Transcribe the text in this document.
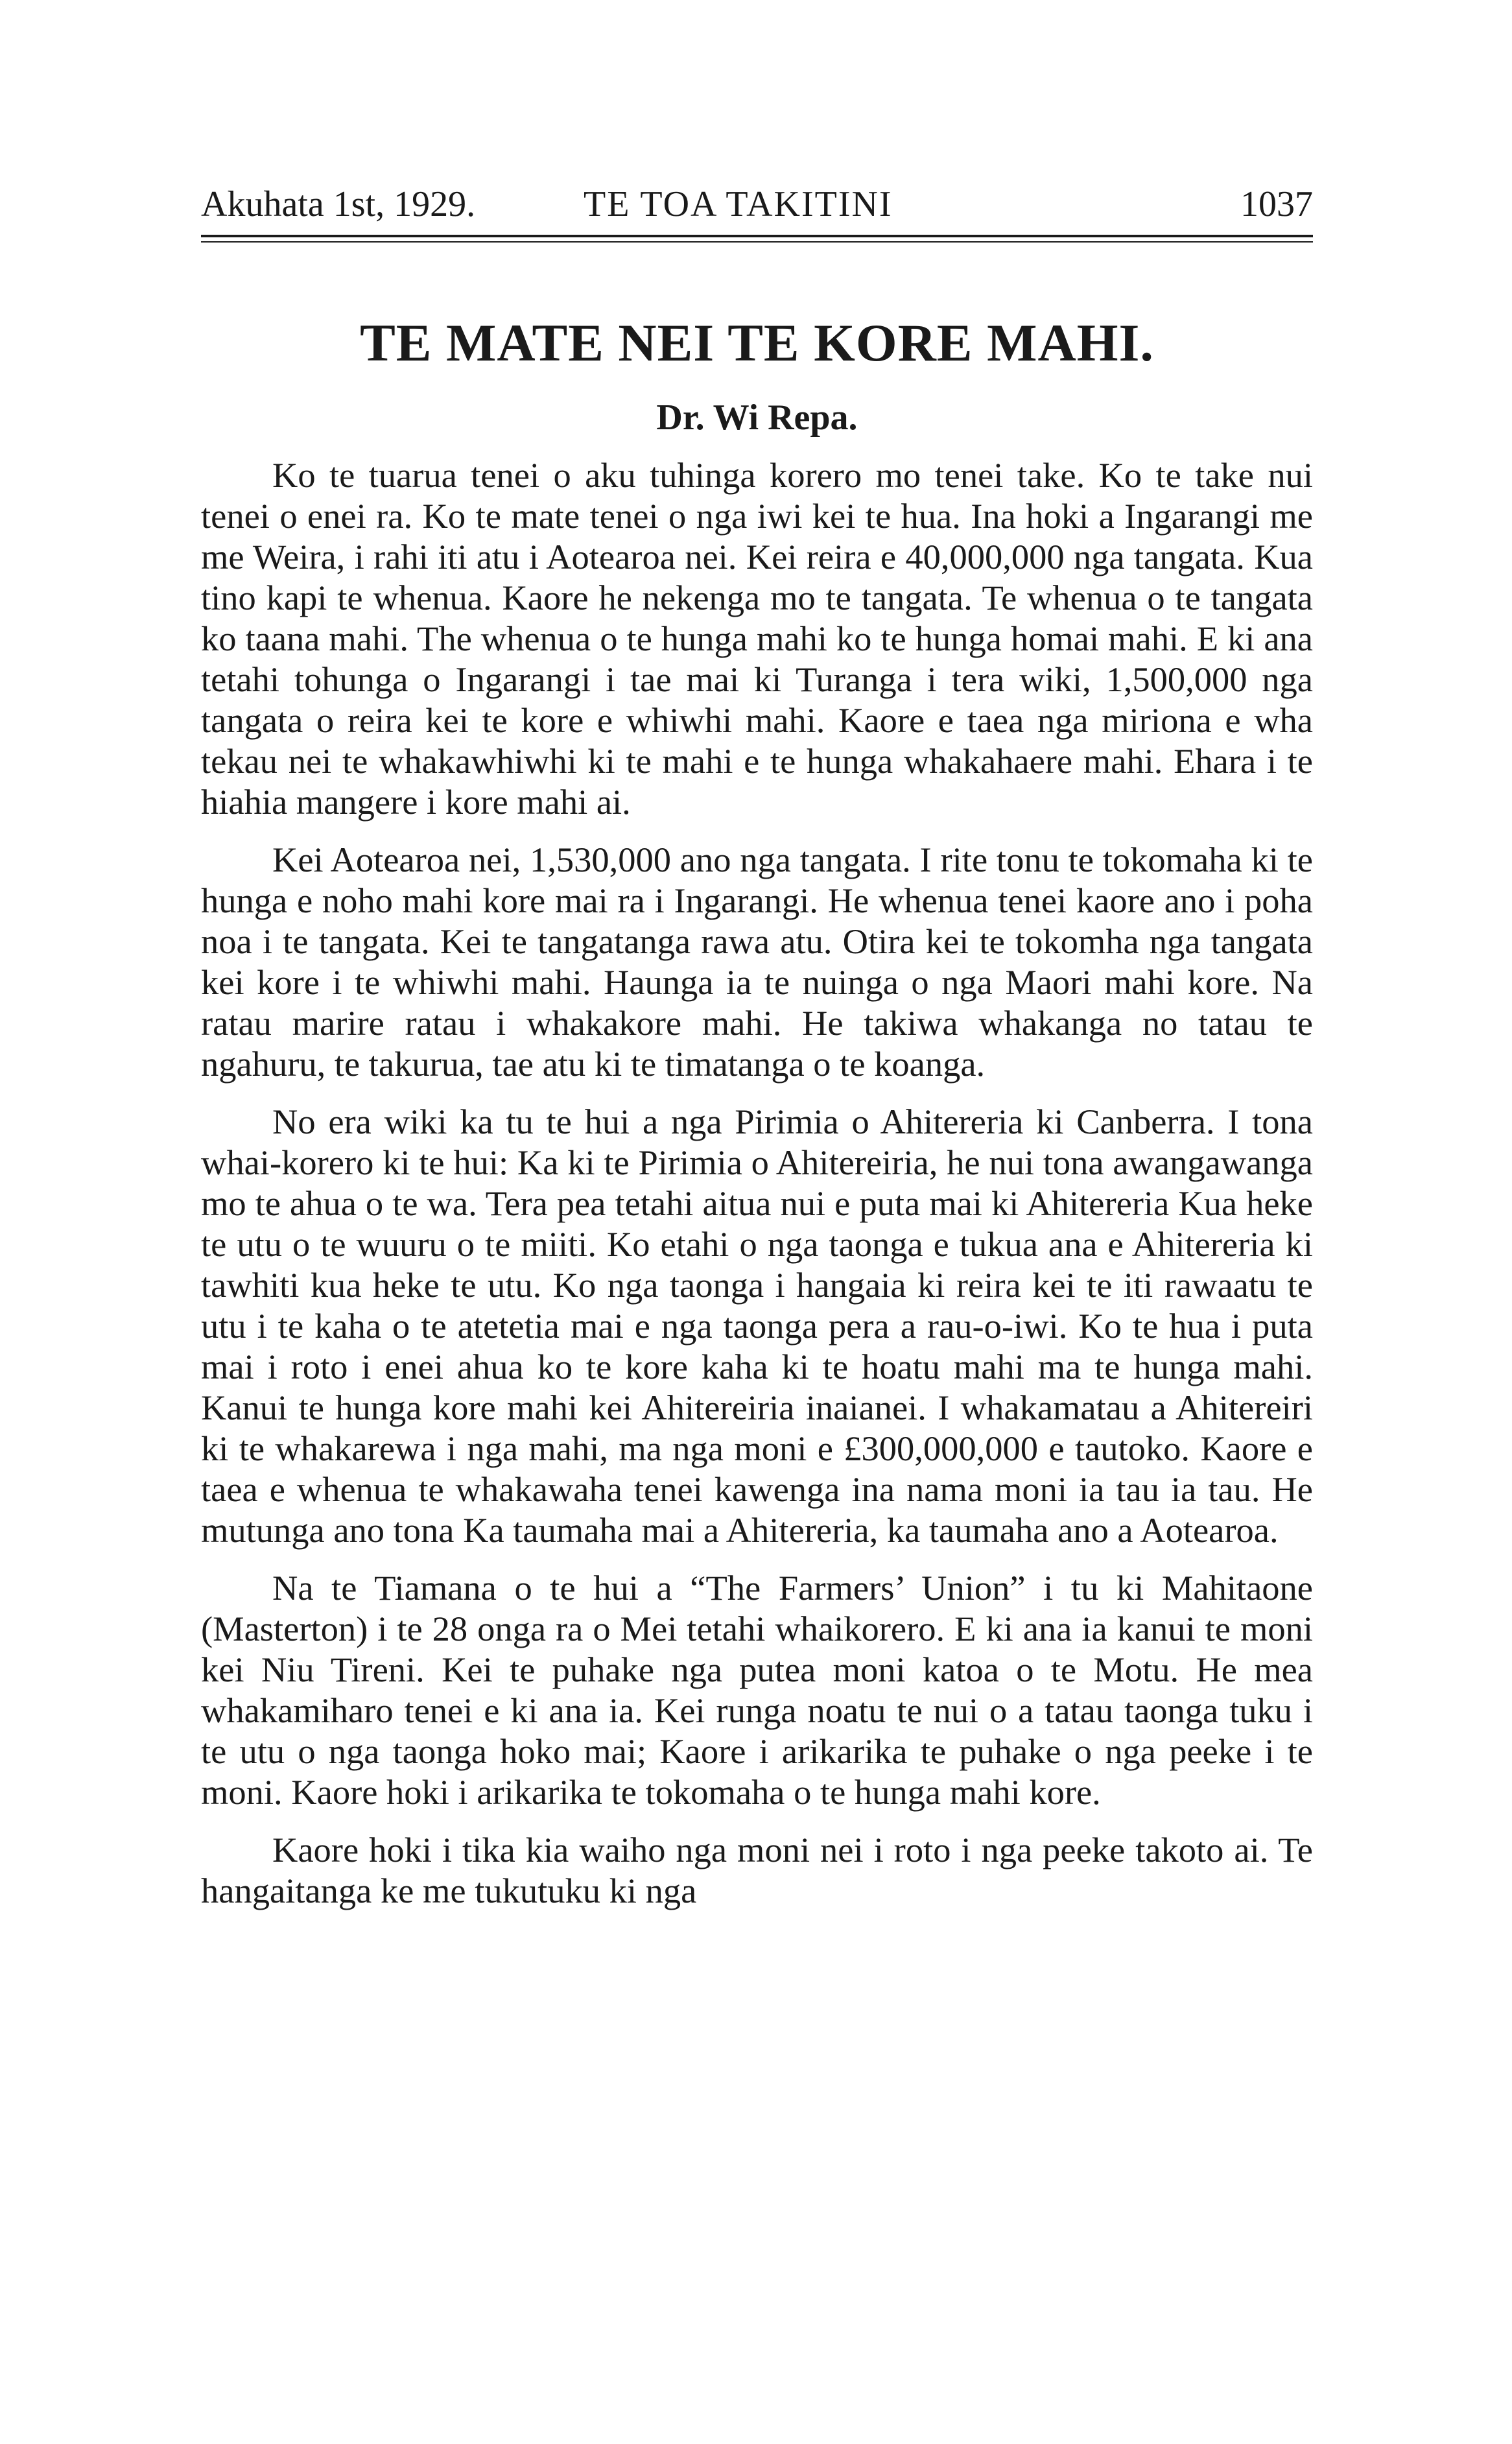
Akuhata 1st, 1929.	TE TOA TAKITINI	1037
TE MATE NEI TE KORE MAHI.
Dr. Wi Repa.

Ko te tuarua tenei o aku tuhinga korero mo tenei take. Ko te take nui tenei o enei ra. Ko te mate tenei o nga iwi kei te hua. Ina hoki a Ingarangi me me Weira, i rahi iti atu i Aotearoa nei. Kei reira e 40,000,000 nga tangata. Kua tino kapi te whenua. Kaore he nekenga mo te tangata. Te whenua o te tangata ko taana mahi. The whenua o te hunga mahi ko te hunga homai mahi. E ki ana tetahi tohunga o Ingarangi i tae mai ki Turanga i tera wiki, 1,500,000 nga tangata o reira kei te kore e whiwhi mahi. Kaore e taea nga miriona e wha tekau nei te whakawhiwhi ki te mahi e te hunga whakahaere mahi. Ehara i te hiahia mangere i kore mahi ai.

Kei Aotearoa nei, 1,530,000 ano nga tangata. I rite tonu te tokomaha ki te hunga e noho mahi kore mai ra i Ingarangi. He whenua tenei kaore ano i poha noa i te tangata. Kei te tangatanga rawa atu. Otira kei te tokomha nga tangata kei kore i te whiwhi mahi. Haunga ia te nuinga o nga Maori mahi kore. Na ratau marire ratau i whakakore mahi. He takiwa whakanga no tatau te ngahuru, te takurua, tae atu ki te timatanga o te koanga.

No era wiki ka tu te hui a nga Pirimia o Ahitereria ki Canberra. I tona whai-korero ki te hui: Ka ki te Pirimia o Ahitereiria, he nui tona awangawanga mo te ahua o te wa. Tera pea tetahi aitua nui e puta mai ki Ahitereria Kua heke te utu o te wuuru o te miiti. Ko etahi o nga taonga e tukua ana e Ahitereria ki tawhiti kua heke te utu. Ko nga taonga i hangaia ki reira kei te iti rawaatu te utu i te kaha o te atetetia mai e nga taonga pera a rau-o-iwi. Ko te hua i puta mai i roto i enei ahua ko te kore kaha ki te hoatu mahi ma te hunga mahi. Kanui te hunga kore mahi kei Ahitereiria inaianei. I whakamatau a Ahitereiri ki te whakarewa i nga mahi, ma nga moni e £300,000,000 e tautoko. Kaore e taea e whenua te whakawaha tenei kawenga ina nama moni ia tau ia tau. He mutunga ano tona Ka taumaha mai a Ahitereria, ka taumaha ano a Aotearoa.

Na te Tiamana o te hui a “The Farmers’ Union” i tu ki Mahitaone (Masterton) i te 28 onga ra o Mei tetahi whaikorero. E ki ana ia kanui te moni kei Niu Tireni. Kei te puhake nga putea moni katoa o te Motu. He mea whakamiharo tenei e ki ana ia. Kei runga noatu te nui o a tatau taonga tuku i te utu o nga taonga hoko mai; Kaore i arikarika te puhake o nga peeke i te moni. Kaore hoki i arikarika te tokomaha o te hunga mahi kore.

Kaore hoki i tika kia waiho nga moni nei i roto i nga peeke takoto ai. Te hangaitanga ke me tukutuku ki nga
